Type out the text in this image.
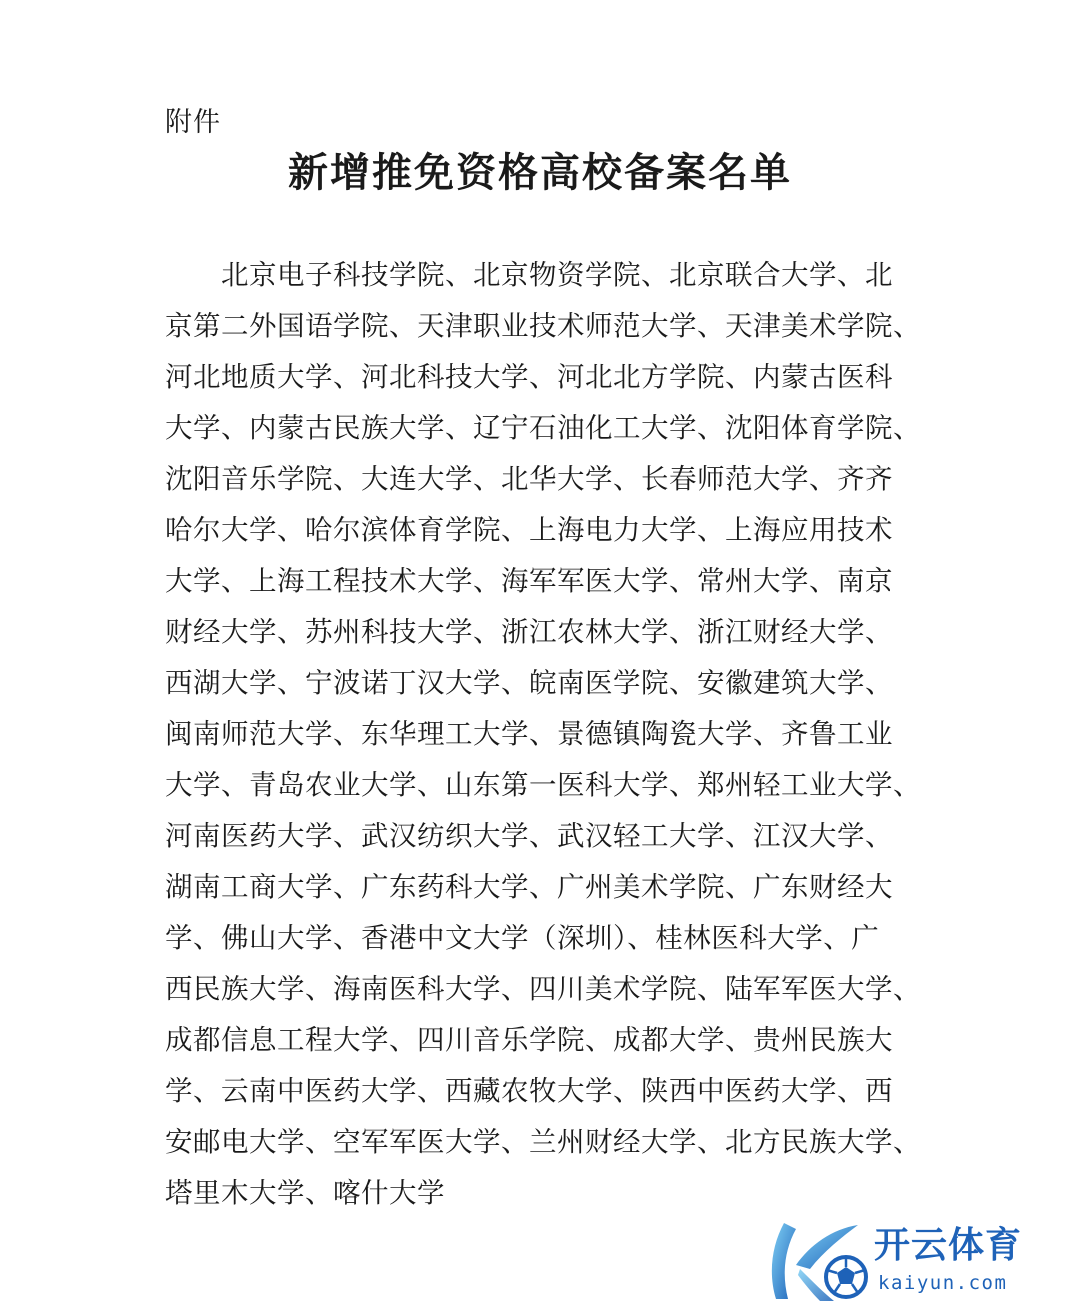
附件
新增推免资格高校备案名单
北京电子科技学院、北京物资学院、北京联合大学、北
京第二外国语学院、天津职业技术师范大学、天津美术学院、
河北地质大学、河北科技大学、河北北方学院、内蒙古医科
大学、内蒙古民族大学、辽宁石油化工大学、沈阳体育学院、
沈阳音乐学院、大连大学、北华大学、长春师范大学、齐齐
哈尔大学、哈尔滨体育学院、上海电力大学、上海应用技术
大学、上海工程技术大学、海军军医大学、常州大学、南京
财经大学、苏州科技大学、浙江农林大学、浙江财经大学、
西湖大学、宁波诺丁汉大学、皖南医学院、安徽建筑大学、
闽南师范大学、东华理工大学、景德镇陶瓷大学、齐鲁工业
大学、青岛农业大学、山东第一医科大学、郑州轻工业大学、
河南医药大学、武汉纺织大学、武汉轻工大学、江汉大学、
湖南工商大学、广东药科大学、广州美术学院、广东财经大
学、佛山大学、香港中文大学（深圳）、桂林医科大学、广
西民族大学、海南医科大学、四川美术学院、陆军军医大学、
成都信息工程大学、四川音乐学院、成都大学、贵州民族大
学、云南中医药大学、西藏农牧大学、陕西中医药大学、西
安邮电大学、空军军医大学、兰州财经大学、北方民族大学、
塔里木大学、喀什大学
开云体育
kaiyun.com
